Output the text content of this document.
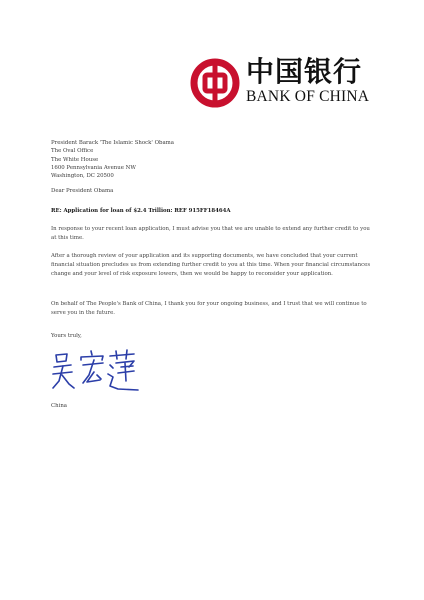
中国银行
BANK OF CHINA
President Barack 'The Islamic Shock' Obama
The Oval Office
The White House
1600 Pennsylvania Avenue NW
Washington, DC 20500
Dear President Obama
RE: Application for loan of $2.4 Trillion: REF 915FF18464A

In response to your recent loan application, I must advise you that we are unable to extend any further credit to you at this time.

After a thorough review of your application and its supporting documents, we have concluded that your current financial situation precludes us from extending further credit to you at this time. When your financial circumstances change and your level of risk exposure lowers, then we would be happy to reconsider your application.

On behalf of The People's Bank of China, I thank you for your ongoing business, and I trust that we will continue to serve you in the future.

Yours truly,
China
